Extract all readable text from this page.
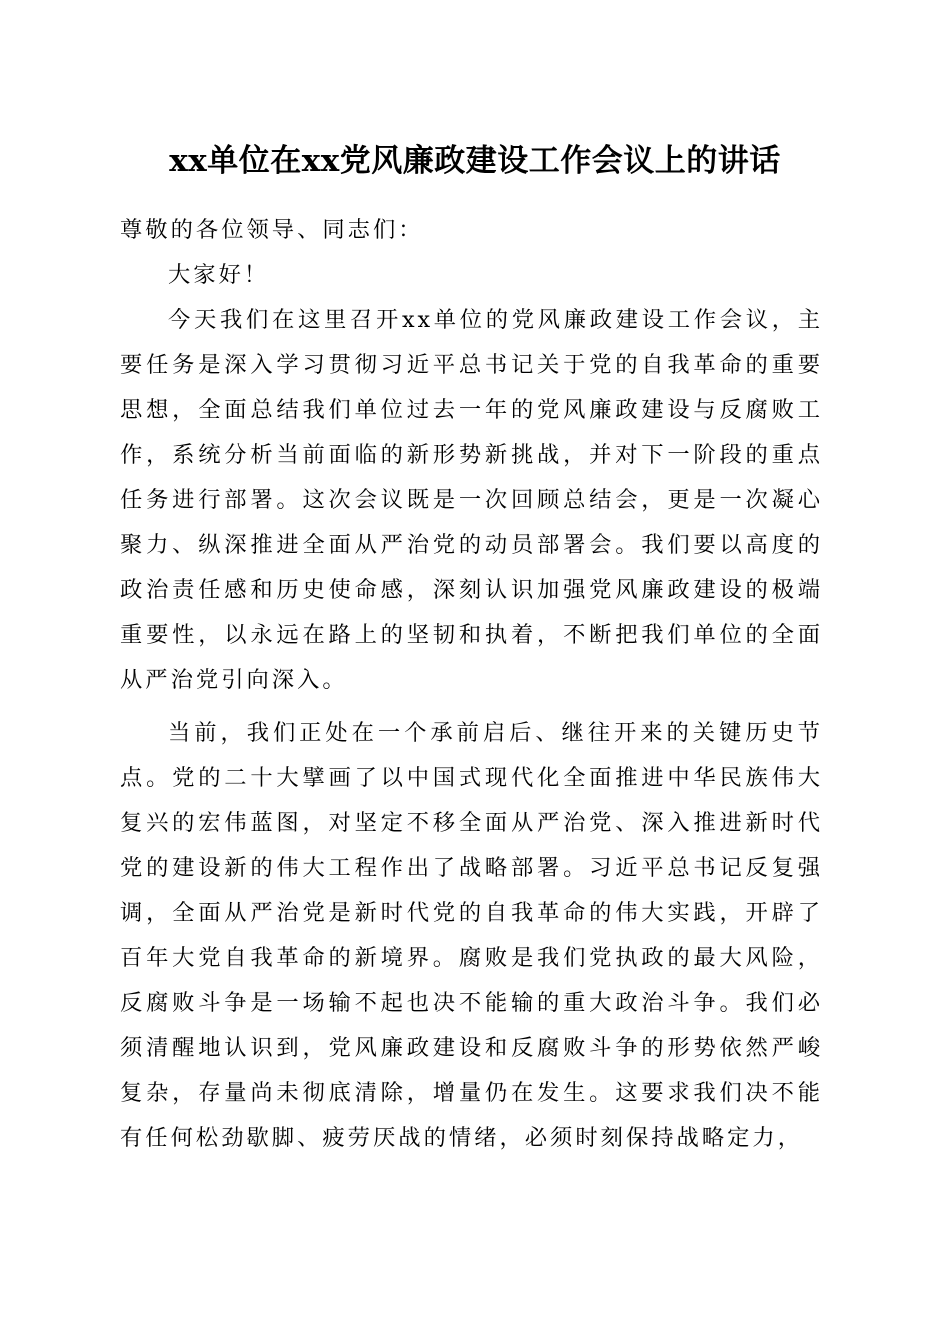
xx单位在xx党风廉政建设工作会议上的讲话

尊敬的各位领导、同志们：

大家好！

今天我们在这里召开xx单位的党风廉政建设工作会议，主要任务是深入学习贯彻习近平总书记关于党的自我革命的重要思想，全面总结我们单位过去一年的党风廉政建设与反腐败工作，系统分析当前面临的新形势新挑战，并对下一阶段的重点任务进行部署。这次会议既是一次回顾总结会，更是一次凝心聚力、纵深推进全面从严治党的动员部署会。我们要以高度的政治责任感和历史使命感，深刻认识加强党风廉政建设的极端重要性，以永远在路上的坚韧和执着，不断把我们单位的全面从严治党引向深入。

当前，我们正处在一个承前启后、继往开来的关键历史节点。党的二十大擘画了以中国式现代化全面推进中华民族伟大复兴的宏伟蓝图，对坚定不移全面从严治党、深入推进新时代党的建设新的伟大工程作出了战略部署。习近平总书记反复强调，全面从严治党是新时代党的自我革命的伟大实践，开辟了百年大党自我革命的新境界。腐败是我们党执政的最大风险，反腐败斗争是一场输不起也决不能输的重大政治斗争。我们必须清醒地认识到，党风廉政建设和反腐败斗争的形势依然严峻复杂，存量尚未彻底清除，增量仍在发生。这要求我们决不能有任何松劲歇脚、疲劳厌战的情绪，必须时刻保持战略定力，
